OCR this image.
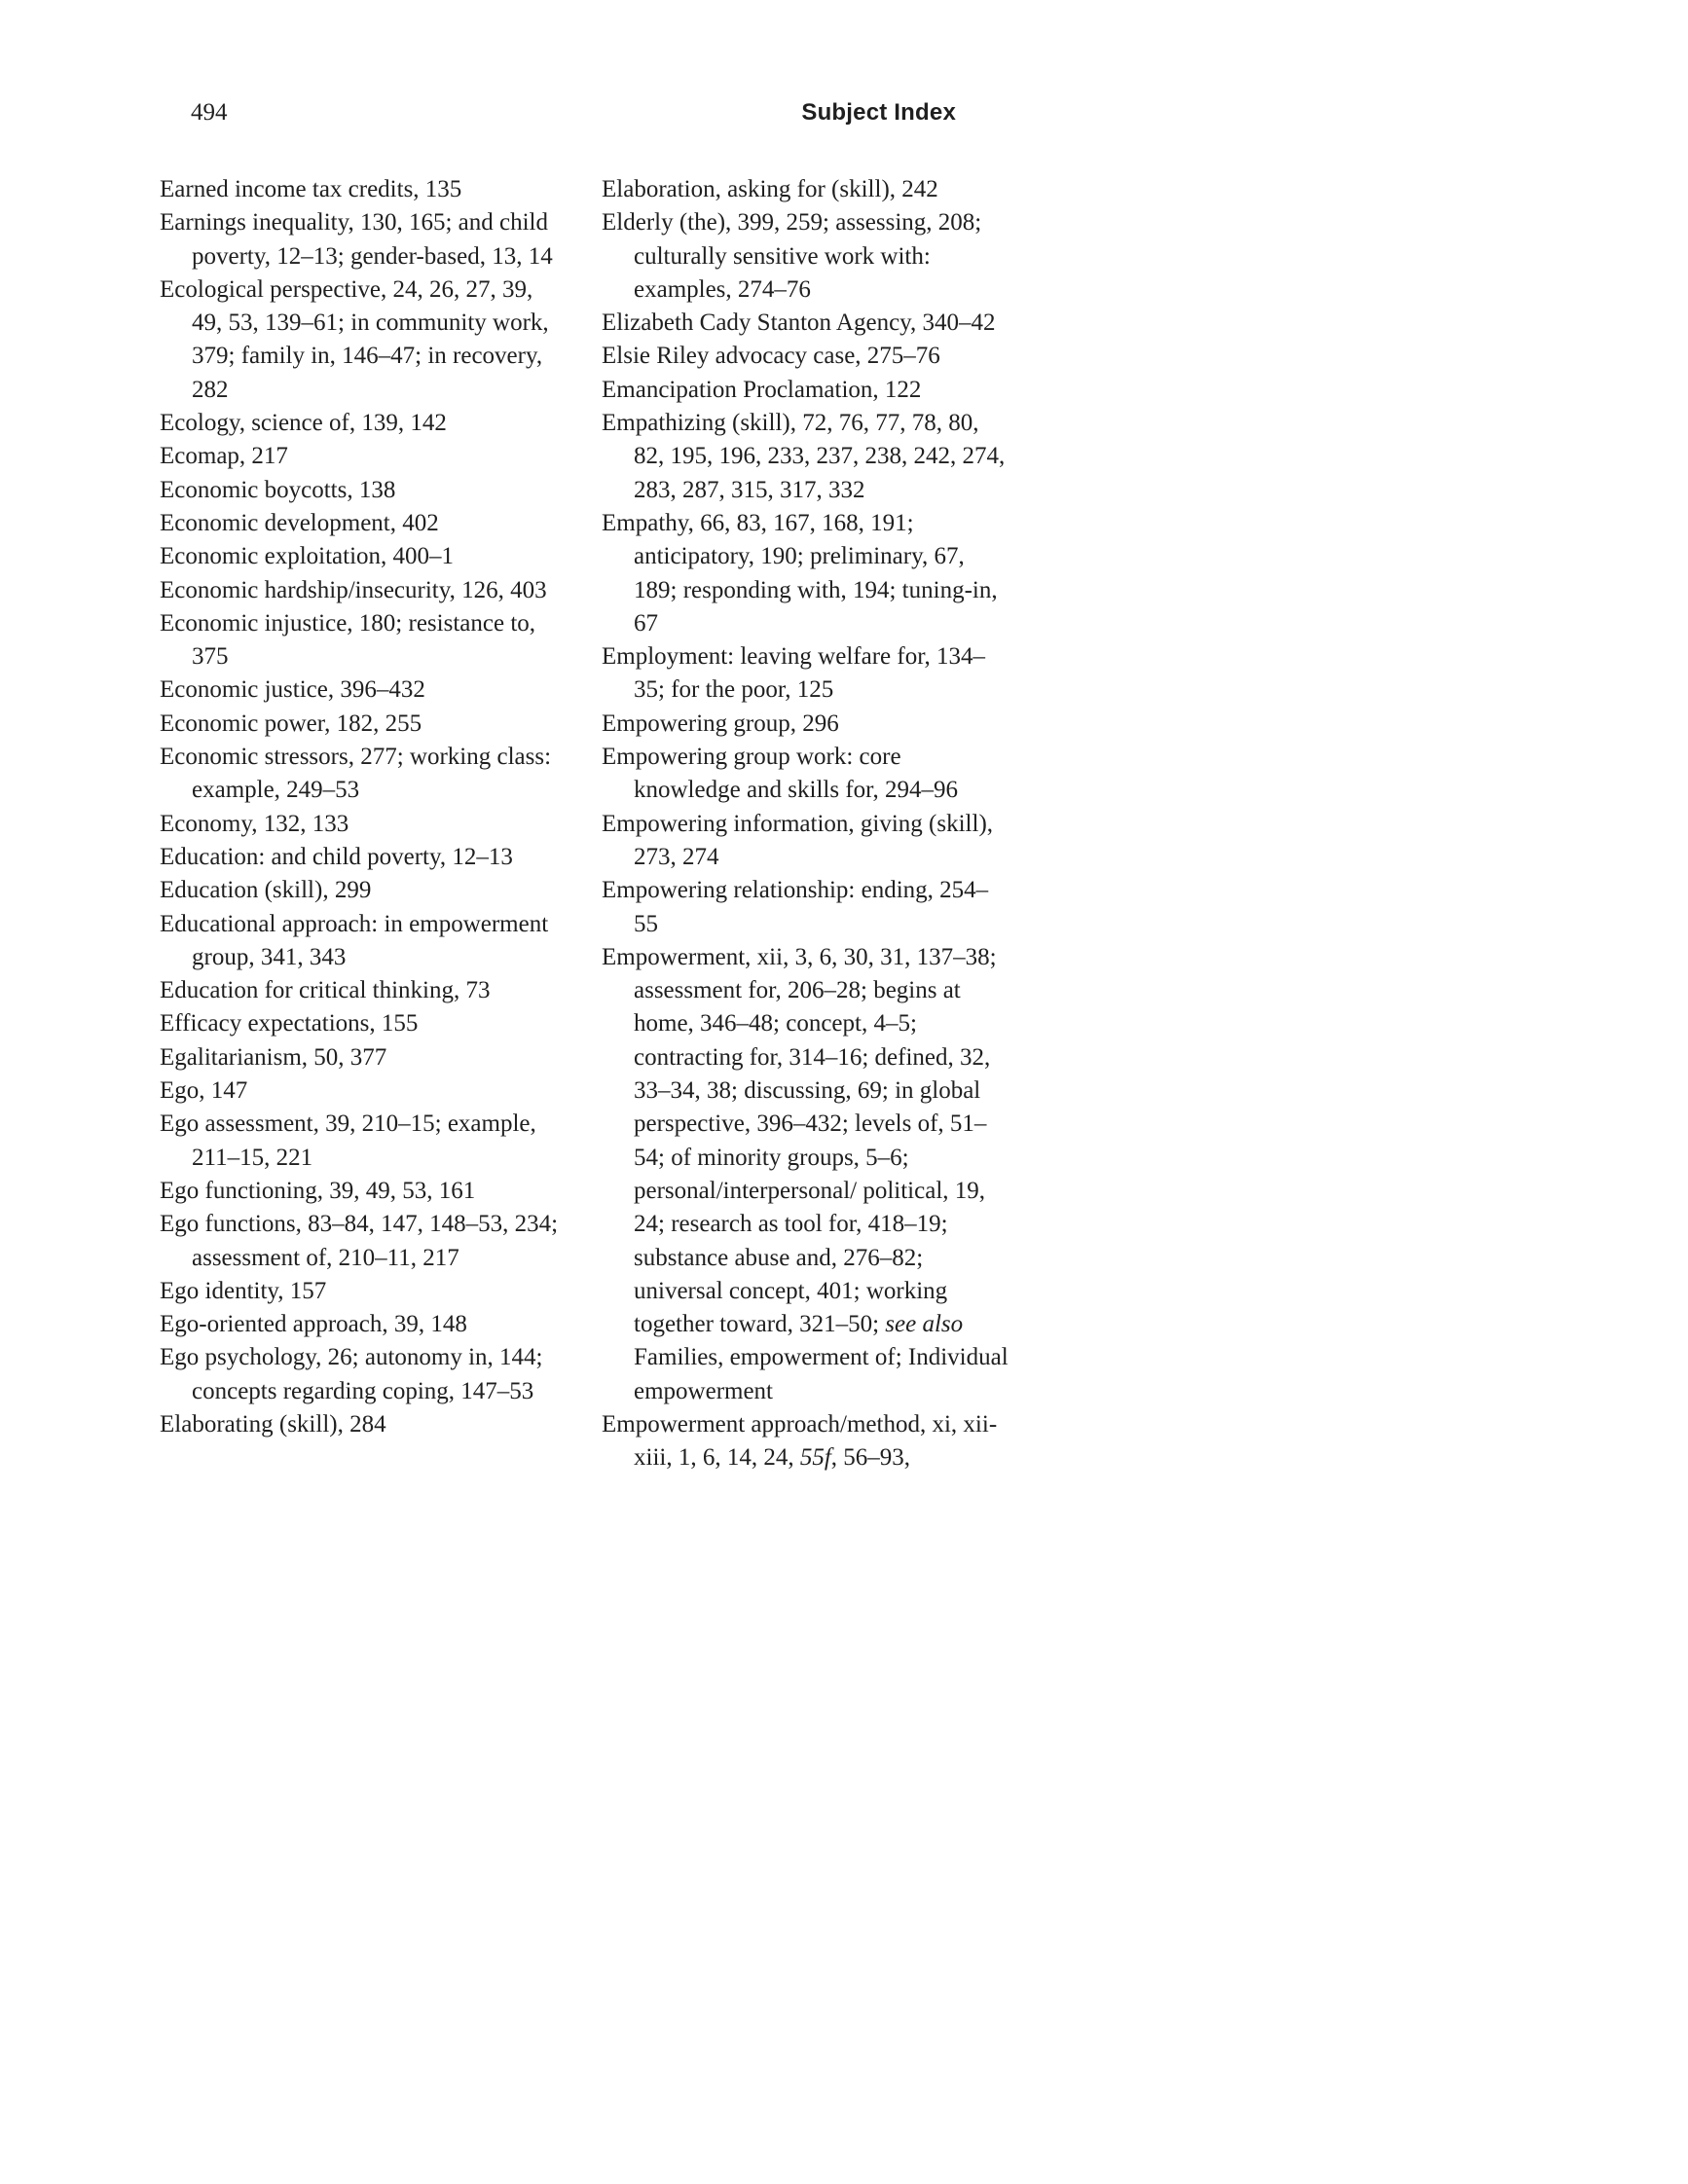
494	Subject Index
Earned income tax credits, 135
Earnings inequality, 130, 165; and child poverty, 12–13; gender-based, 13, 14
Ecological perspective, 24, 26, 27, 39, 49, 53, 139–61; in community work, 379; family in, 146–47; in recovery, 282
Ecology, science of, 139, 142
Ecomap, 217
Economic boycotts, 138
Economic development, 402
Economic exploitation, 400–1
Economic hardship/insecurity, 126, 403
Economic injustice, 180; resistance to, 375
Economic justice, 396–432
Economic power, 182, 255
Economic stressors, 277; working class: example, 249–53
Economy, 132, 133
Education: and child poverty, 12–13
Education (skill), 299
Educational approach: in empowerment group, 341, 343
Education for critical thinking, 73
Efficacy expectations, 155
Egalitarianism, 50, 377
Ego, 147
Ego assessment, 39, 210–15; example, 211–15, 221
Ego functioning, 39, 49, 53, 161
Ego functions, 83–84, 147, 148–53, 234; assessment of, 210–11, 217
Ego identity, 157
Ego-oriented approach, 39, 148
Ego psychology, 26; autonomy in, 144; concepts regarding coping, 147–53
Elaborating (skill), 284
Elaboration, asking for (skill), 242
Elderly (the), 399, 259; assessing, 208; culturally sensitive work with: examples, 274–76
Elizabeth Cady Stanton Agency, 340–42
Elsie Riley advocacy case, 275–76
Emancipation Proclamation, 122
Empathizing (skill), 72, 76, 77, 78, 80, 82, 195, 196, 233, 237, 238, 242, 274, 283, 287, 315, 317, 332
Empathy, 66, 83, 167, 168, 191; anticipatory, 190; preliminary, 67, 189; responding with, 194; tuning-in, 67
Employment: leaving welfare for, 134–35; for the poor, 125
Empowering group, 296
Empowering group work: core knowledge and skills for, 294–96
Empowering information, giving (skill), 273, 274
Empowering relationship: ending, 254–55
Empowerment, xii, 3, 6, 30, 31, 137–38; assessment for, 206–28; begins at home, 346–48; concept, 4–5; contracting for, 314–16; defined, 32, 33–34, 38; discussing, 69; in global perspective, 396–432; levels of, 51–54; of minority groups, 5–6; personal/interpersonal/ political, 19, 24; research as tool for, 418–19; substance abuse and, 276–82; universal concept, 401; working together toward, 321–50; see also Families, empowerment of; Individual empowerment
Empowerment approach/method, xi, xii-xiii, 1, 6, 14, 24, 55f, 56–93,
